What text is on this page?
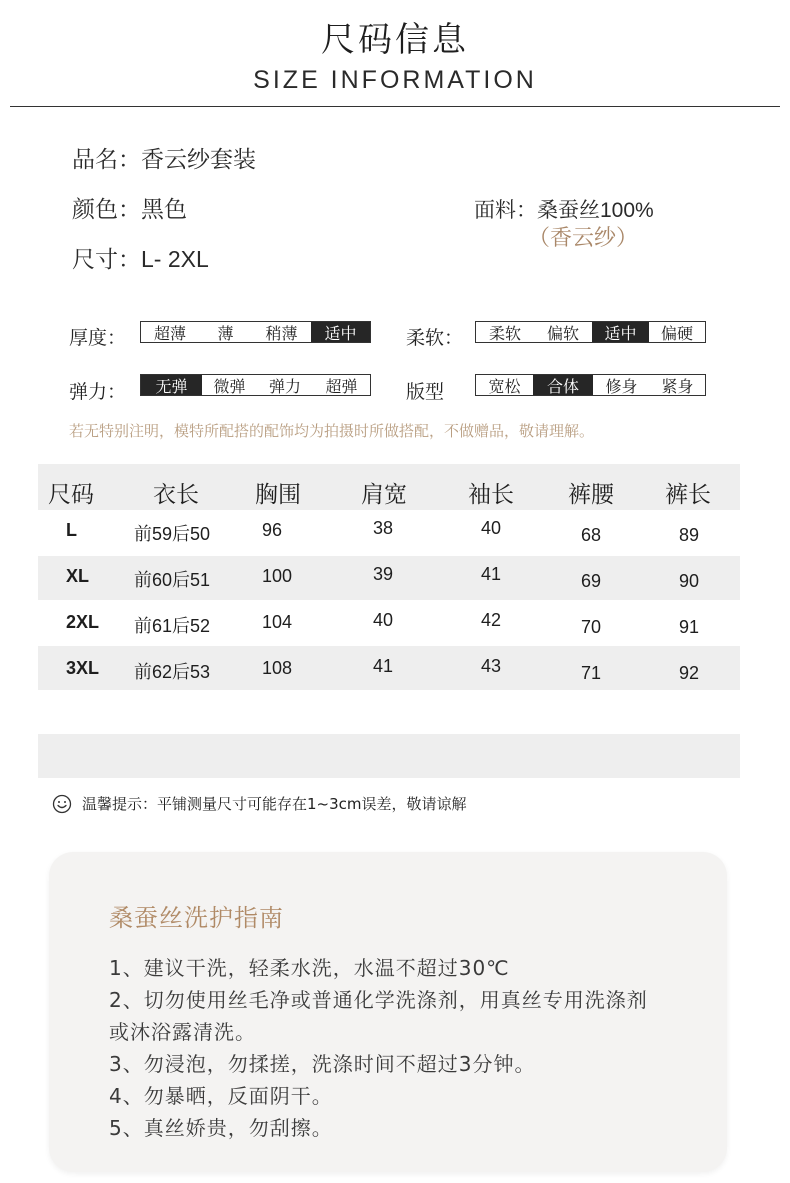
尺码信息
SIZE INFORMATION
品名：香云纱套装
颜色：黑色
尺寸：L- 2XL
面料：桑蚕丝100%
（香云纱）
厚度：	超薄	薄	稍薄	适中	柔软：	柔软	偏软	适中	偏硬
弹力：	无弹	微弹	弹力	超弹	版型	宽松	合体	修身	紧身
若无特别注明，模特所配搭的配饰均为拍摄时所做搭配，不做赠品，敬请理解。
尺码	衣长 胸围	肩宽	袖长 裤腰 裤长
L	前59后50	96	38	40	68	89
XL 前60后51	100	39	41	69	90
2XL 前61后52	104	40	42	70	91
3XL 前62后53	108	41	43	71	92
温馨提示：平铺测量尺寸可能存在1~3cm误差，敬请谅解
桑蚕丝洗护指南
1、建议干洗，轻柔水洗，水温不超过30℃
2、切勿使用丝毛净或普通化学洗涤剂，用真丝专用洗涤剂
或沐浴露清洗。
3、勿浸泡，勿揉搓，洗涤时间不超过3分钟。
4、勿暴晒，反面阴干。
5、真丝娇贵，勿刮擦。
